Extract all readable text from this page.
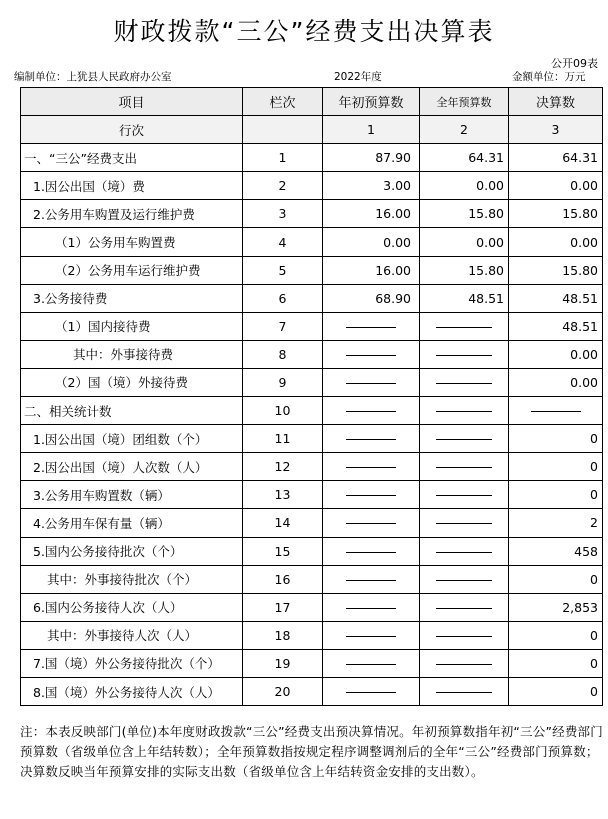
财政拨款“三公”经费支出决算表
公开09表
编制单位：上犹县人民政府办公室	2022年度	金额单位：万元
项目	栏次	年初预算数	全年预算数	决算数
行次		1	2	3
一、“三公”经费支出	1	87.90	64.31	64.31
1.因公出国（境）费	2	3.00	0.00	0.00
2.公务用车购置及运行维护费	3	16.00	15.80	15.80
（1）公务用车购置费	4	0.00	0.00	0.00
（2）公务用车运行维护费	5	16.00	15.80	15.80
3.公务接待费	6	68.90	48.51	48.51
（1）国内接待费	7			48.51
其中：外事接待费	8			0.00
（2）国（境）外接待费	9			0.00
二、相关统计数	10			
1.因公出国（境）团组数（个）	11			0
2.因公出国（境）人次数（人）	12			0
3.公务用车购置数（辆）	13			0
4.公务用车保有量（辆）	14			2
5.国内公务接待批次（个）	15			458
其中：外事接待批次（个）	16			0
6.国内公务接待人次（人）	17			2,853
其中：外事接待人次（人）	18			0
7.国（境）外公务接待批次（个）	19			0
8.国（境）外公务接待人次（人）	20			0
注：本表反映部门(单位)本年度财政拨款“三公”经费支出预决算情况。年初预算数指年初“三公”经费部门预算数（省级单位含上年结转数）；全年预算数指按规定程序调整调剂后的全年“三公”经费部门预算数；决算数反映当年预算安排的实际支出数（省级单位含上年结转资金安排的支出数）。
